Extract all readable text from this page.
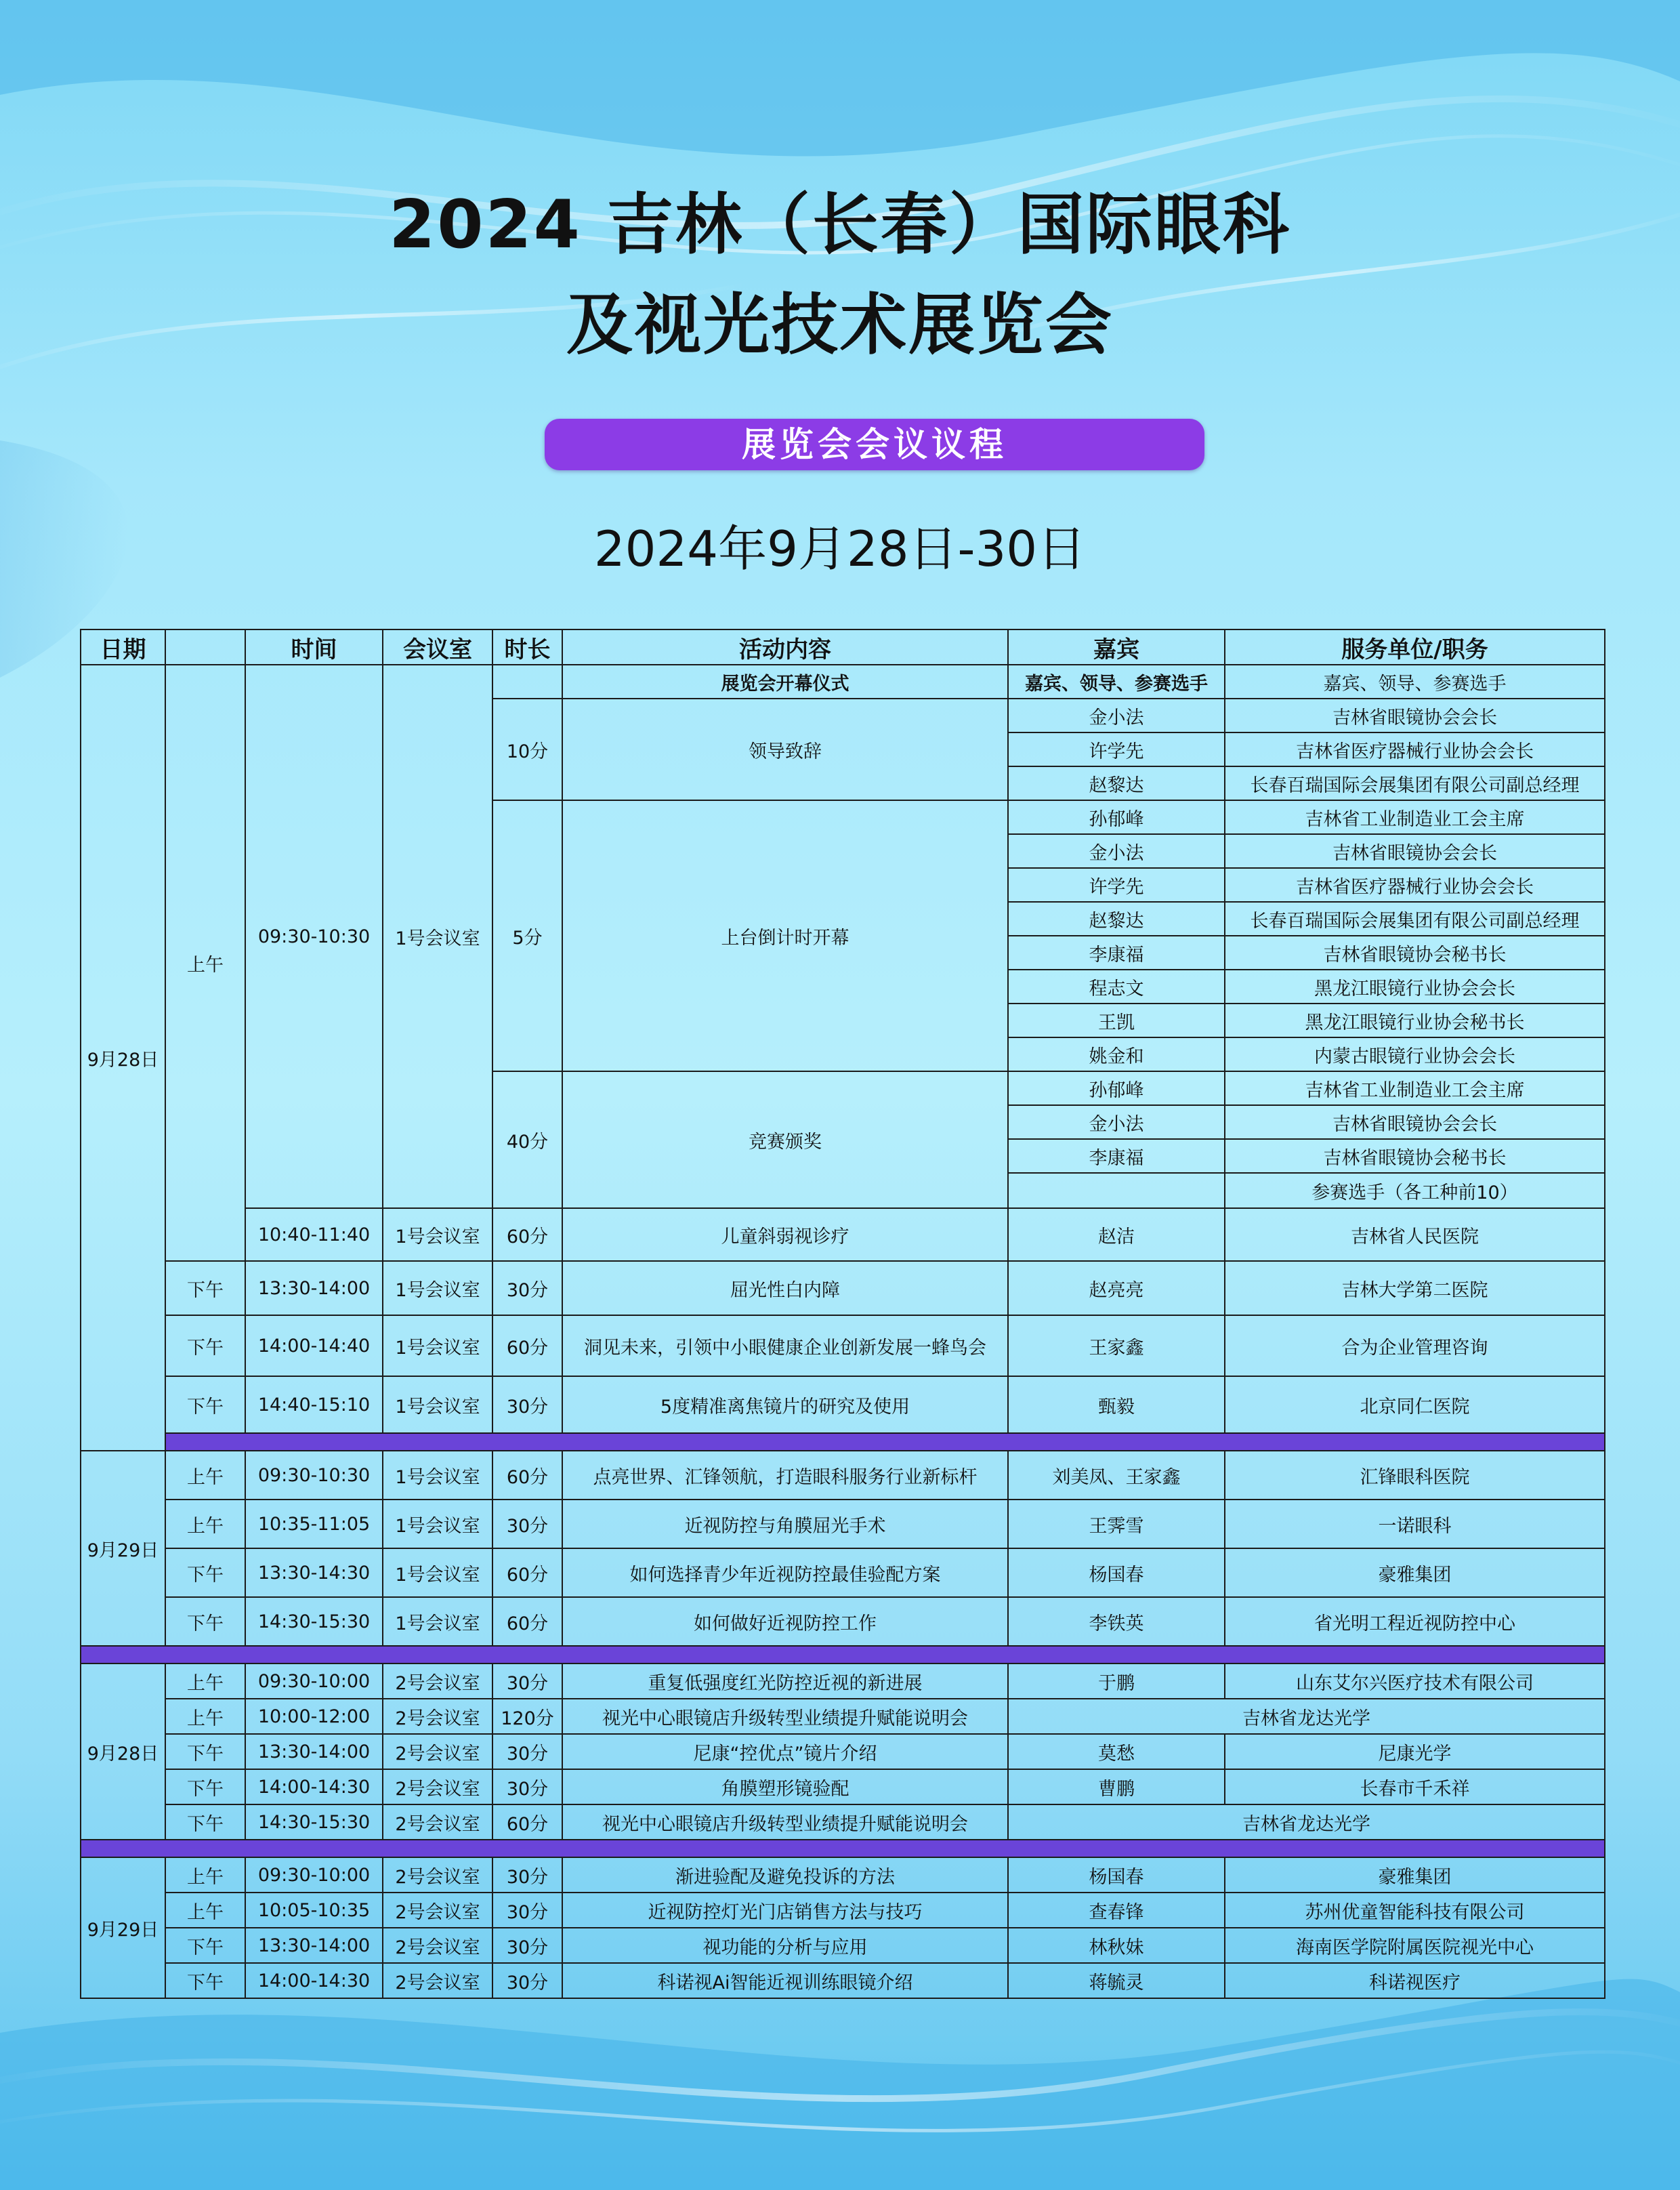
2024 吉林（长春）国际眼科
及视光技术展览会
展览会会议议程
2024年9月28日-30日
日期		时间	会议室	时长	活动内容	嘉宾	服务单位/职务
9月28日	上午	09:30-10:30	1号会议室		展览会开幕仪式	嘉宾、领导、参赛选手	嘉宾、领导、参赛选手
				10分	领导致辞	金小法	吉林省眼镜协会会长
						许学先	吉林省医疗器械行业协会会长
						赵黎达	长春百瑞国际会展集团有限公司副总经理
				5分	上台倒计时开幕	孙郁峰	吉林省工业制造业工会主席
						金小法	吉林省眼镜协会会长
						许学先	吉林省医疗器械行业协会会长
						赵黎达	长春百瑞国际会展集团有限公司副总经理
						李康福	吉林省眼镜协会秘书长
						程志文	黑龙江眼镜行业协会会长
						王凯	黑龙江眼镜行业协会秘书长
						姚金和	内蒙古眼镜行业协会会长
				40分	竞赛颁奖	孙郁峰	吉林省工业制造业工会主席
						金小法	吉林省眼镜协会会长
						李康福	吉林省眼镜协会秘书长
							参赛选手（各工种前10）
		10:40-11:40	1号会议室	60分	儿童斜弱视诊疗	赵洁	吉林省人民医院
	下午	13:30-14:00	1号会议室	30分	屈光性白内障	赵亮亮	吉林大学第二医院
	下午	14:00-14:40	1号会议室	60分	洞见未来，引领中小眼健康企业创新发展一蜂鸟会	王家鑫	合为企业管理咨询
	下午	14:40-15:10	1号会议室	30分	5度精准离焦镜片的研究及使用	甄毅	北京同仁医院

9月29日	上午	09:30-10:30	1号会议室	60分	点亮世界、汇锋领航，打造眼科服务行业新标杆	刘美凤、王家鑫	汇锋眼科医院
	上午	10:35-11:05	1号会议室	30分	近视防控与角膜屈光手术	王霁雪	一诺眼科
	下午	13:30-14:30	1号会议室	60分	如何选择青少年近视防控最佳验配方案	杨国春	豪雅集团
	下午	14:30-15:30	1号会议室	60分	如何做好近视防控工作	李铁英	省光明工程近视防控中心

9月28日	上午	09:30-10:00	2号会议室	30分	重复低强度红光防控近视的新进展	于鹏	山东艾尔兴医疗技术有限公司
	上午	10:00-12:00	2号会议室	120分	视光中心眼镜店升级转型业绩提升赋能说明会	吉林省龙达光学	
	下午	13:30-14:00	2号会议室	30分	尼康“控优点”镜片介绍	莫愁	尼康光学
	下午	14:00-14:30	2号会议室	30分	角膜塑形镜验配	曹鹏	长春市千禾祥
	下午	14:30-15:30	2号会议室	60分	视光中心眼镜店升级转型业绩提升赋能说明会	吉林省龙达光学	

9月29日	上午	09:30-10:00	2号会议室	30分	渐进验配及避免投诉的方法	杨国春	豪雅集团
	上午	10:05-10:35	2号会议室	30分	近视防控灯光门店销售方法与技巧	查春锋	苏州优童智能科技有限公司
	下午	13:30-14:00	2号会议室	30分	视功能的分析与应用	林秋妹	海南医学院附属医院视光中心
	下午	14:00-14:30	2号会议室	30分	科诺视Ai智能近视训练眼镜介绍	蒋毓灵	科诺视医疗
